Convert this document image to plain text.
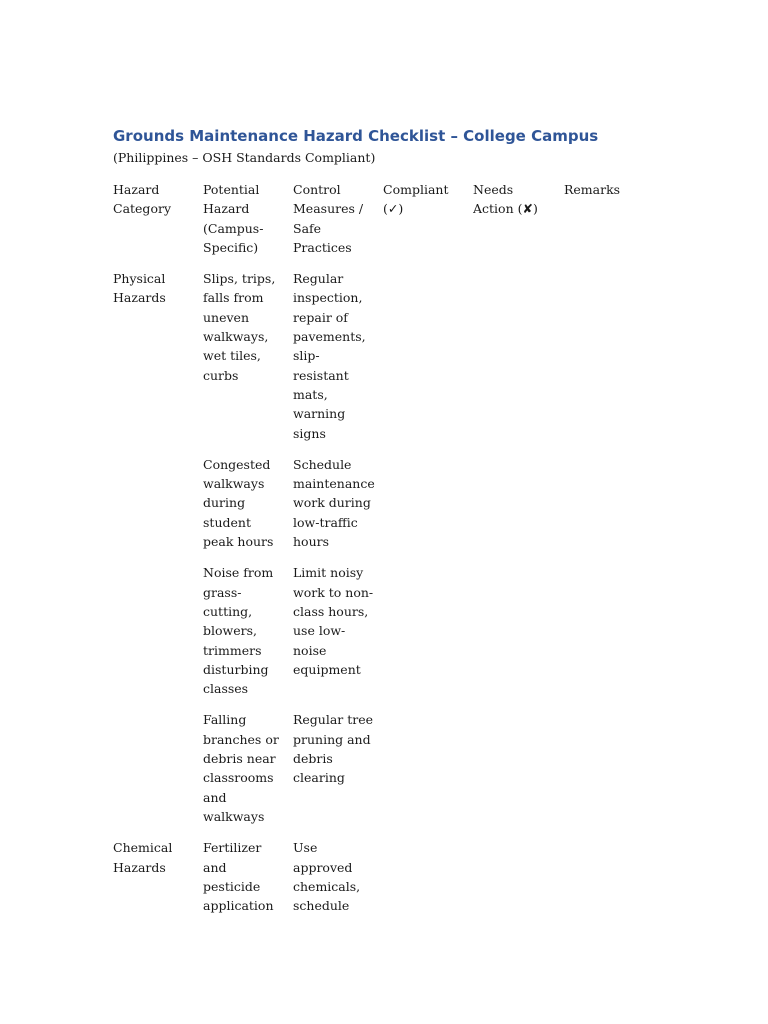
Grounds Maintenance Hazard Checklist – College Campus

(Philippines – OSH Standards Compliant)

Hazard Category	Potential Hazard (Campus-Specific)	Control Measures / Safe Practices	Compliant (✓)	Needs Action (✘)	Remarks
Physical Hazards	Slips, trips, falls from uneven walkways, wet tiles, curbs	Regular inspection, repair of pavements, slip-resistant mats, warning signs			
	Congested walkways during student peak hours	Schedule maintenance work during low-traffic hours			
	Noise from grass-cutting, blowers, trimmers disturbing classes	Limit noisy work to non-class hours, use low-noise equipment			
	Falling branches or debris near classrooms and walkways	Regular tree pruning and debris clearing			
Chemical Hazards	Fertilizer and pesticide application	Use approved chemicals, schedule			
